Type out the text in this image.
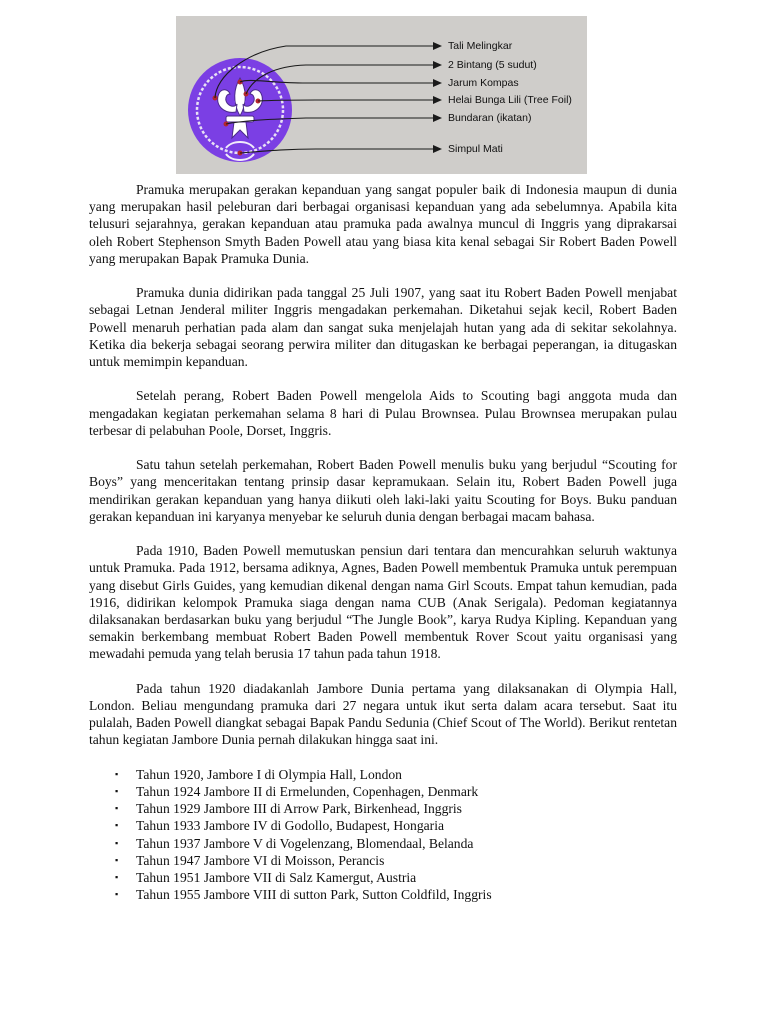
Tali Melingkar
2 Bintang (5 sudut)
Jarum Kompas
Helai Bunga Lili (Tree Foil)
Bundaran (ikatan)
Simpul Mati

Pramuka merupakan gerakan kepanduan yang sangat populer baik di Indonesia maupun di dunia yang merupakan hasil peleburan dari berbagai organisasi kepanduan yang ada sebelumnya. Apabila kita telusuri sejarahnya, gerakan kepanduan atau pramuka pada awalnya muncul di Inggris yang diprakarsai oleh Robert Stephenson Smyth Baden Powell atau yang biasa kita kenal sebagai Sir Robert Baden Powell yang merupakan Bapak Pramuka Dunia.

Pramuka dunia didirikan pada tanggal 25 Juli 1907, yang saat itu Robert Baden Powell menjabat sebagai Letnan Jenderal militer Inggris mengadakan perkemahan. Diketahui sejak kecil, Robert Baden Powell menaruh perhatian pada alam dan sangat suka menjelajah hutan yang ada di sekitar sekolahnya. Ketika dia bekerja sebagai seorang perwira militer dan ditugaskan ke berbagai peperangan, ia ditugaskan untuk memimpin kepanduan.

Setelah perang, Robert Baden Powell mengelola Aids to Scouting bagi anggota muda dan mengadakan kegiatan perkemahan selama 8 hari di Pulau Brownsea. Pulau Brownsea merupakan pulau terbesar di pelabuhan Poole, Dorset, Inggris.

Satu tahun setelah perkemahan, Robert Baden Powell menulis buku yang berjudul “Scouting for Boys” yang menceritakan tentang prinsip dasar kepramukaan. Selain itu, Robert Baden Powell juga mendirikan gerakan kepanduan yang hanya diikuti oleh laki-laki yaitu Scouting for Boys. Buku panduan gerakan kepanduan ini karyanya menyebar ke seluruh dunia dengan berbagai macam bahasa.

Pada 1910, Baden Powell memutuskan pensiun dari tentara dan mencurahkan seluruh waktunya untuk Pramuka. Pada 1912, bersama adiknya, Agnes, Baden Powell membentuk Pramuka untuk perempuan yang disebut Girls Guides, yang kemudian dikenal dengan nama Girl Scouts. Empat tahun kemudian, pada 1916, didirikan kelompok Pramuka siaga dengan nama CUB (Anak Serigala). Pedoman kegiatannya dilaksanakan berdasarkan buku yang berjudul “The Jungle Book”, karya Rudya Kipling. Kepanduan yang semakin berkembang membuat Robert Baden Powell membentuk Rover Scout yaitu organisasi yang mewadahi pemuda yang telah berusia 17 tahun pada tahun 1918.

Pada tahun 1920 diadakanlah Jambore Dunia pertama yang dilaksanakan di Olympia Hall, London. Beliau mengundang pramuka dari 27 negara untuk ikut serta dalam acara tersebut. Saat itu pulalah, Baden Powell diangkat sebagai Bapak Pandu Sedunia (Chief Scout of The World). Berikut rentetan tahun kegiatan Jambore Dunia pernah dilakukan hingga saat ini.

▪ Tahun 1920, Jambore I di Olympia Hall, London
▪ Tahun 1924 Jambore II di Ermelunden, Copenhagen, Denmark
▪ Tahun 1929 Jambore III di Arrow Park, Birkenhead, Inggris
▪ Tahun 1933 Jambore IV di Godollo, Budapest, Hongaria
▪ Tahun 1937 Jambore V di Vogelenzang, Blomendaal, Belanda
▪ Tahun 1947 Jambore VI di Moisson, Perancis
▪ Tahun 1951 Jambore VII di Salz Kamergut, Austria
▪ Tahun 1955 Jambore VIII di sutton Park, Sutton Coldfild, Inggris
